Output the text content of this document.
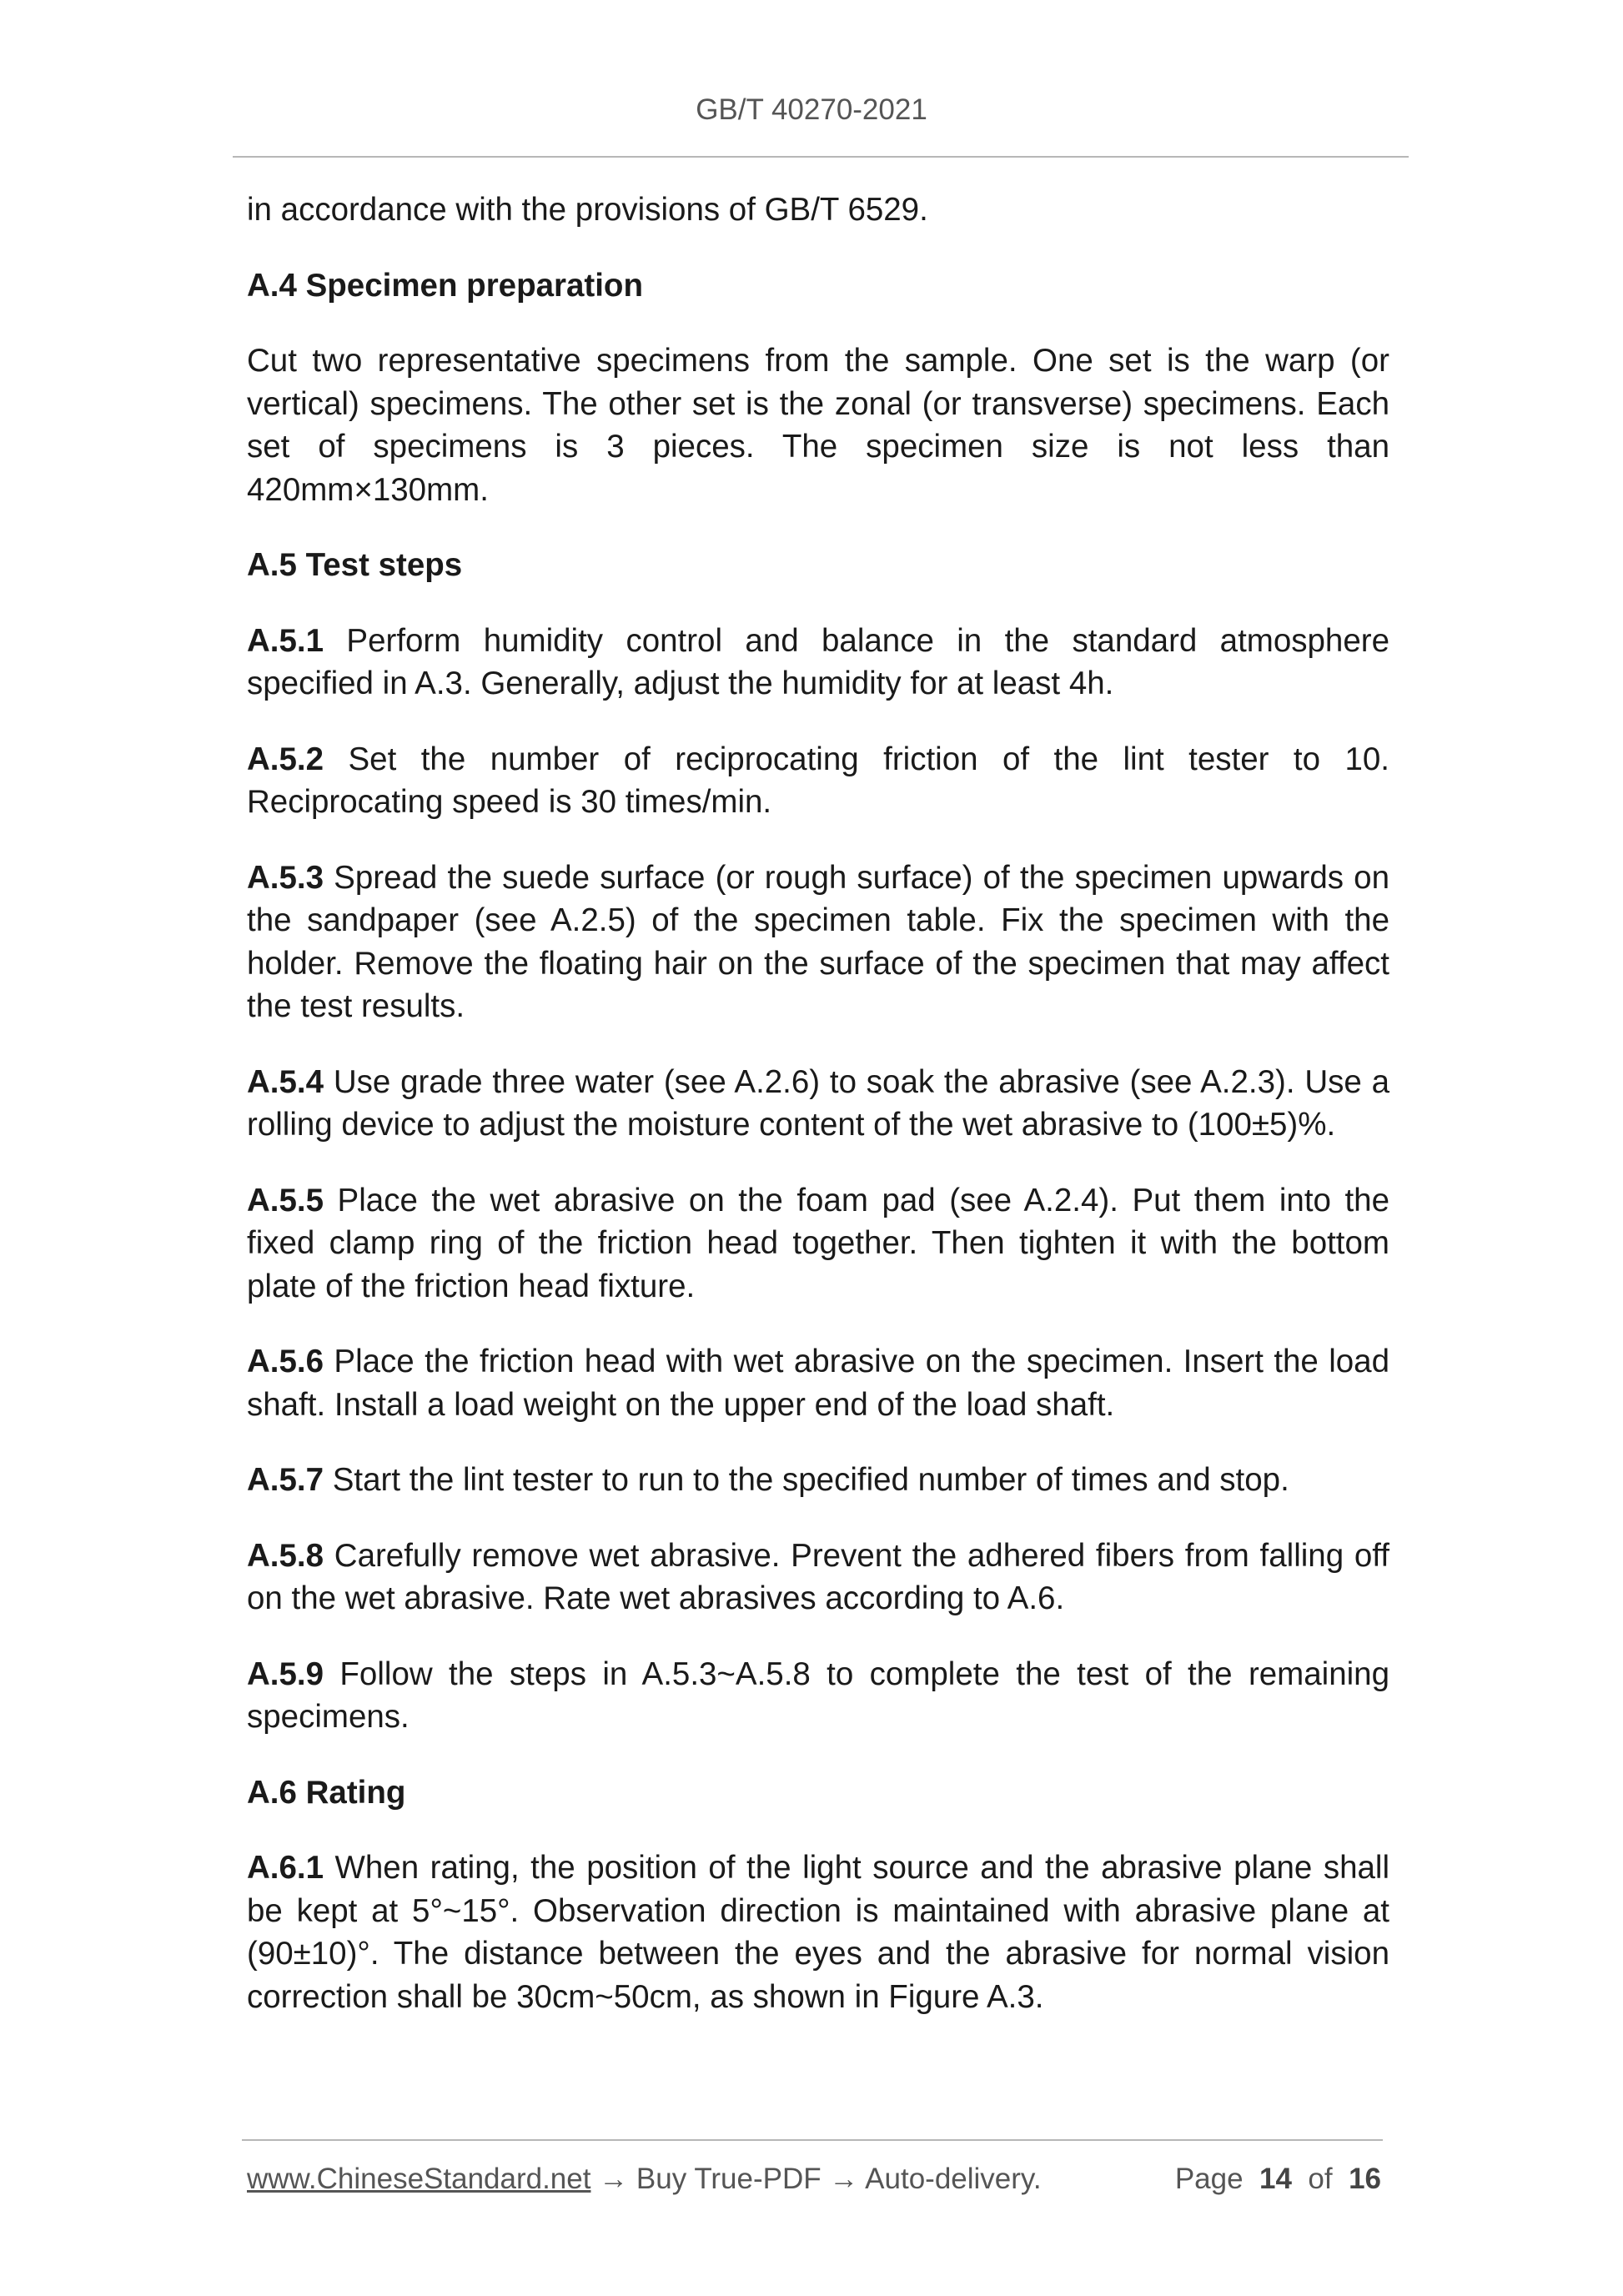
GB/T 40270-2021

in accordance with the provisions of GB/T 6529.

A.4 Specimen preparation

Cut two representative specimens from the sample. One set is the warp (or vertical) specimens. The other set is the zonal (or transverse) specimens. Each set of specimens is 3 pieces. The specimen size is not less than 420mm×130mm.

A.5 Test steps

A.5.1 Perform humidity control and balance in the standard atmosphere specified in A.3. Generally, adjust the humidity for at least 4h.

A.5.2 Set the number of reciprocating friction of the lint tester to 10. Reciprocating speed is 30 times/min.

A.5.3 Spread the suede surface (or rough surface) of the specimen upwards on the sandpaper (see A.2.5) of the specimen table. Fix the specimen with the holder. Remove the floating hair on the surface of the specimen that may affect the test results.

A.5.4 Use grade three water (see A.2.6) to soak the abrasive (see A.2.3). Use a rolling device to adjust the moisture content of the wet abrasive to (100±5)%.

A.5.5 Place the wet abrasive on the foam pad (see A.2.4). Put them into the fixed clamp ring of the friction head together. Then tighten it with the bottom plate of the friction head fixture.

A.5.6 Place the friction head with wet abrasive on the specimen. Insert the load shaft. Install a load weight on the upper end of the load shaft.

A.5.7 Start the lint tester to run to the specified number of times and stop.

A.5.8 Carefully remove wet abrasive. Prevent the adhered fibers from falling off on the wet abrasive. Rate wet abrasives according to A.6.

A.5.9 Follow the steps in A.5.3~A.5.8 to complete the test of the remaining specimens.

A.6 Rating

A.6.1 When rating, the position of the light source and the abrasive plane shall be kept at 5°~15°. Observation direction is maintained with abrasive plane at (90±10)°. The distance between the eyes and the abrasive for normal vision correction shall be 30cm~50cm, as shown in Figure A.3.

www.ChineseStandard.net → Buy True-PDF → Auto-delivery.	Page 14 of 16
